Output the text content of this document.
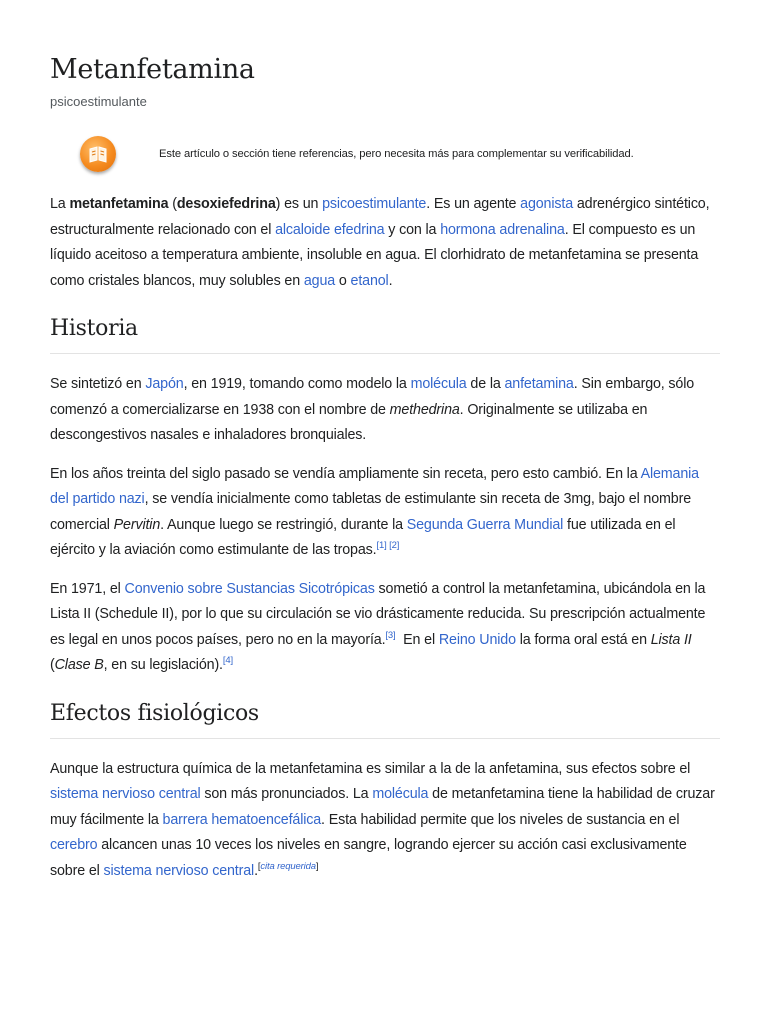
Metanfetamina
psicoestimulante
Este artículo o sección tiene referencias, pero necesita más para complementar su verificabilidad.

La metanfetamina (desoxiefedrina) es un psicoestimulante. Es un agente agonista adrenérgico sintético, estructuralmente relacionado con el alcaloide efedrina y con la hormona adrenalina. El compuesto es un líquido aceitoso a temperatura ambiente, insoluble en agua. El clorhidrato de metanfetamina se presenta como cristales blancos, muy solubles en agua o etanol.

Historia

Se sintetizó en Japón, en 1919, tomando como modelo la molécula de la anfetamina. Sin embargo, sólo comenzó a comercializarse en 1938 con el nombre de methedrina. Originalmente se utilizaba en descongestivos nasales e inhaladores bronquiales.

En los años treinta del siglo pasado se vendía ampliamente sin receta, pero esto cambió. En la Alemania del partido nazi, se vendía inicialmente como tabletas de estimulante sin receta de 3mg, bajo el nombre comercial Pervitin. Aunque luego se restringió, durante la Segunda Guerra Mundial fue utilizada en el ejército y la aviación como estimulante de las tropas.[1] [2]

En 1971, el Convenio sobre Sustancias Sicotrópicas sometió a control la metanfetamina, ubicándola en la Lista II (Schedule II), por lo que su circulación se vio drásticamente reducida. Su prescripción actualmente es legal en unos pocos países, pero no en la mayoría.[3]  En el Reino Unido la forma oral está en Lista II (Clase B, en su legislación).[4]

Efectos fisiológicos

Aunque la estructura química de la metanfetamina es similar a la de la anfetamina, sus efectos sobre el sistema nervioso central son más pronunciados. La molécula de metanfetamina tiene la habilidad de cruzar muy fácilmente la barrera hematoencefálica. Esta habilidad permite que los niveles de sustancia en el cerebro alcancen unas 10 veces los niveles en sangre, logrando ejercer su acción casi exclusivamente sobre el sistema nervioso central.[cita requerida]
